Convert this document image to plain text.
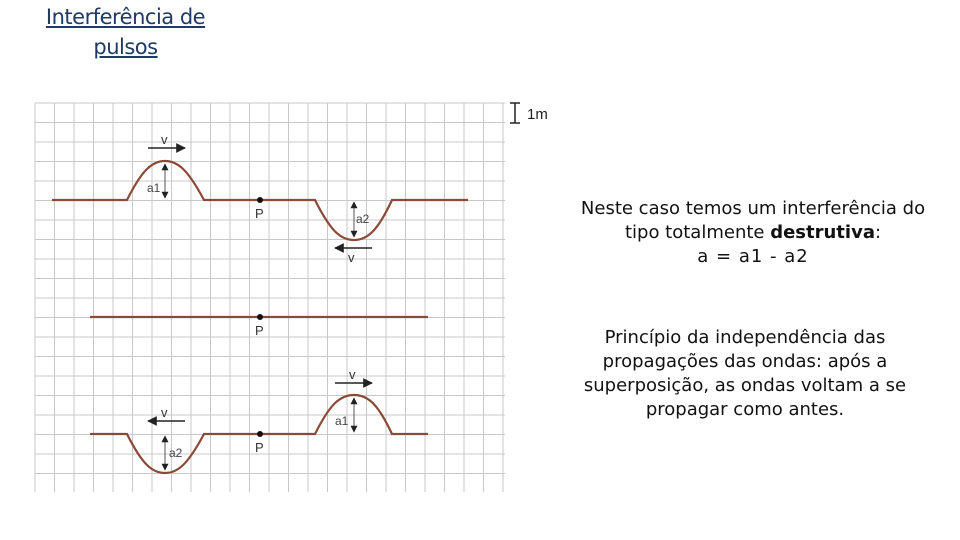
Interferência de
pulsos
1m
P
P
P
v
v
v
v
a1
a2
a1
a2
Neste caso temos um interferência do tipo totalmente destrutiva:
a = a1 - a2
Princípio da independência das propagações das ondas: após a superposição, as ondas voltam a se propagar como antes.
